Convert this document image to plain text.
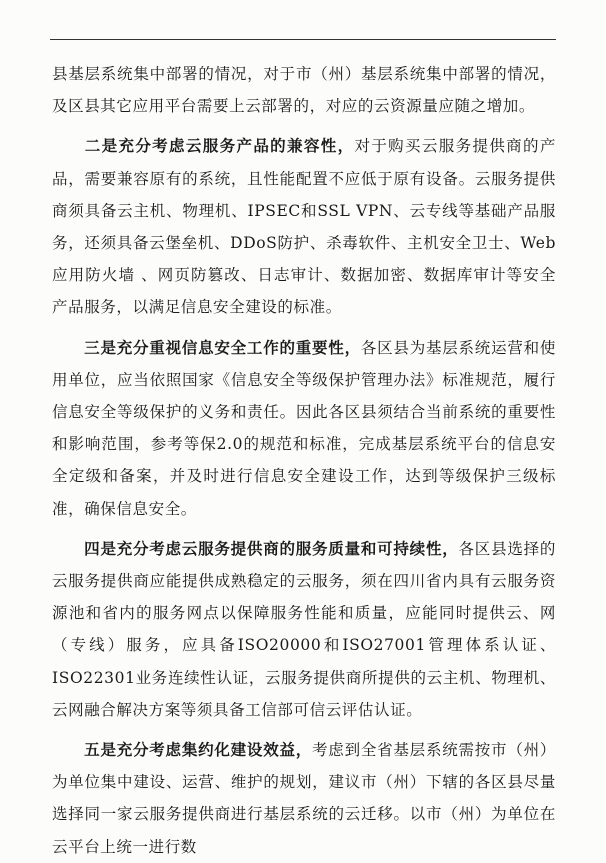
县基层系统集中部署的情况，对于市（州）基层系统集中部署的情况，及区县其它应用平台需要上云部署的，对应的云资源量应随之增加。

二是充分考虑云服务产品的兼容性，对于购买云服务提供商的产品，需要兼容原有的系统，且性能配置不应低于原有设备。云服务提供商须具备云主机、物理机、IPSEC和SSL VPN、云专线等基础产品服务，还须具备云堡垒机、DDoS防护、杀毒软件、主机安全卫士、Web应用防火墙 、网页防篡改、日志审计、数据加密、数据库审计等安全产品服务，以满足信息安全建设的标准。

三是充分重视信息安全工作的重要性，各区县为基层系统运营和使用单位，应当依照国家《信息安全等级保护管理办法》标准规范，履行信息安全等级保护的义务和责任。因此各区县须结合当前系统的重要性和影响范围，参考等保2.0的规范和标准，完成基层系统平台的信息安全定级和备案，并及时进行信息安全建设工作，达到等级保护三级标准，确保信息安全。

四是充分考虑云服务提供商的服务质量和可持续性，各区县选择的云服务提供商应能提供成熟稳定的云服务，须在四川省内具有云服务资源池和省内的服务网点以保障服务性能和质量，应能同时提供云、网（专线）服务，应具备ISO20000和ISO27001管理体系认证、ISO22301业务连续性认证，云服务提供商所提供的云主机、物理机、云网融合解决方案等须具备工信部可信云评估认证。

五是充分考虑集约化建设效益，考虑到全省基层系统需按市（州）为单位集中建设、运营、维护的规划，建议市（州）下辖的各区县尽量选择同一家云服务提供商进行基层系统的云迁移。以市（州）为单位在云平台上统一进行数
